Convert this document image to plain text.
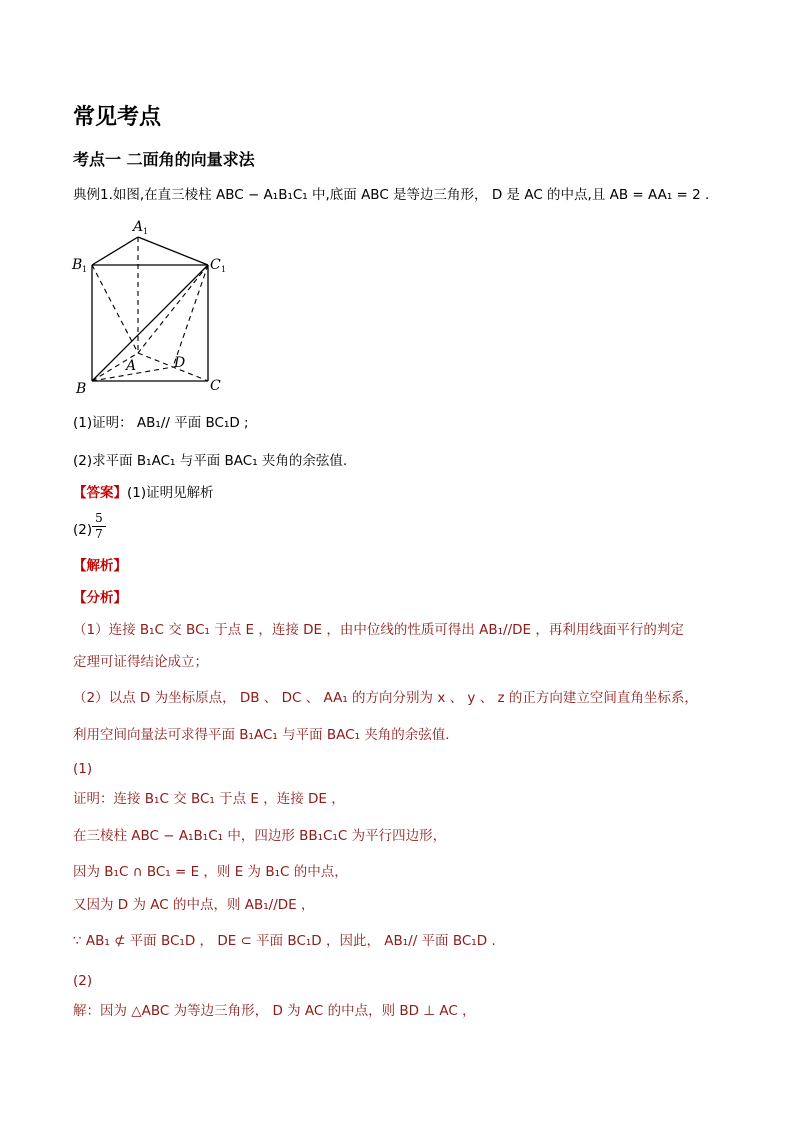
常见考点
考点一 二面角的向量求法
典例1.如图,在直三棱柱 ABC − A₁B₁C₁ 中,底面 ABC 是等边三角形， D 是 AC 的中点,且 AB = AA₁ = 2 .
A 1
B 1	C 1
A	D
B	C
(1)证明： AB₁// 平面 BC₁D ;
(2)求平面 B₁AC₁ 与平面 BAC₁ 夹角的余弦值.
【答案】(1)证明见解析
$(2) \frac{5}{7}$
【解析】
【分析】
（1）连接 B₁C 交 BC₁ 于点 E ，连接 DE ，由中位线的性质可得出 AB₁//DE ，再利用线面平行的判定
定理可证得结论成立；
（2）以点 D 为坐标原点， DB 、 DC 、 AA₁ 的方向分别为 x 、 y 、 z 的正方向建立空间直角坐标系，
利用空间向量法可求得平面 B₁AC₁ 与平面 BAC₁ 夹角的余弦值.
(1)
证明：连接 B₁C 交 BC₁ 于点 E ，连接 DE ，
在三棱柱 ABC − A₁B₁C₁ 中，四边形 BB₁C₁C 为平行四边形，
因为 B₁C ∩ BC₁ = E ，则 E 为 B₁C 的中点，
又因为 D 为 AC 的中点，则 AB₁//DE ，
∵ AB₁ ⊄ 平面 BC₁D ， DE ⊂ 平面 BC₁D ，因此， AB₁// 平面 BC₁D .
(2)
解：因为 △ABC 为等边三角形， D 为 AC 的中点，则 BD ⊥ AC ，
